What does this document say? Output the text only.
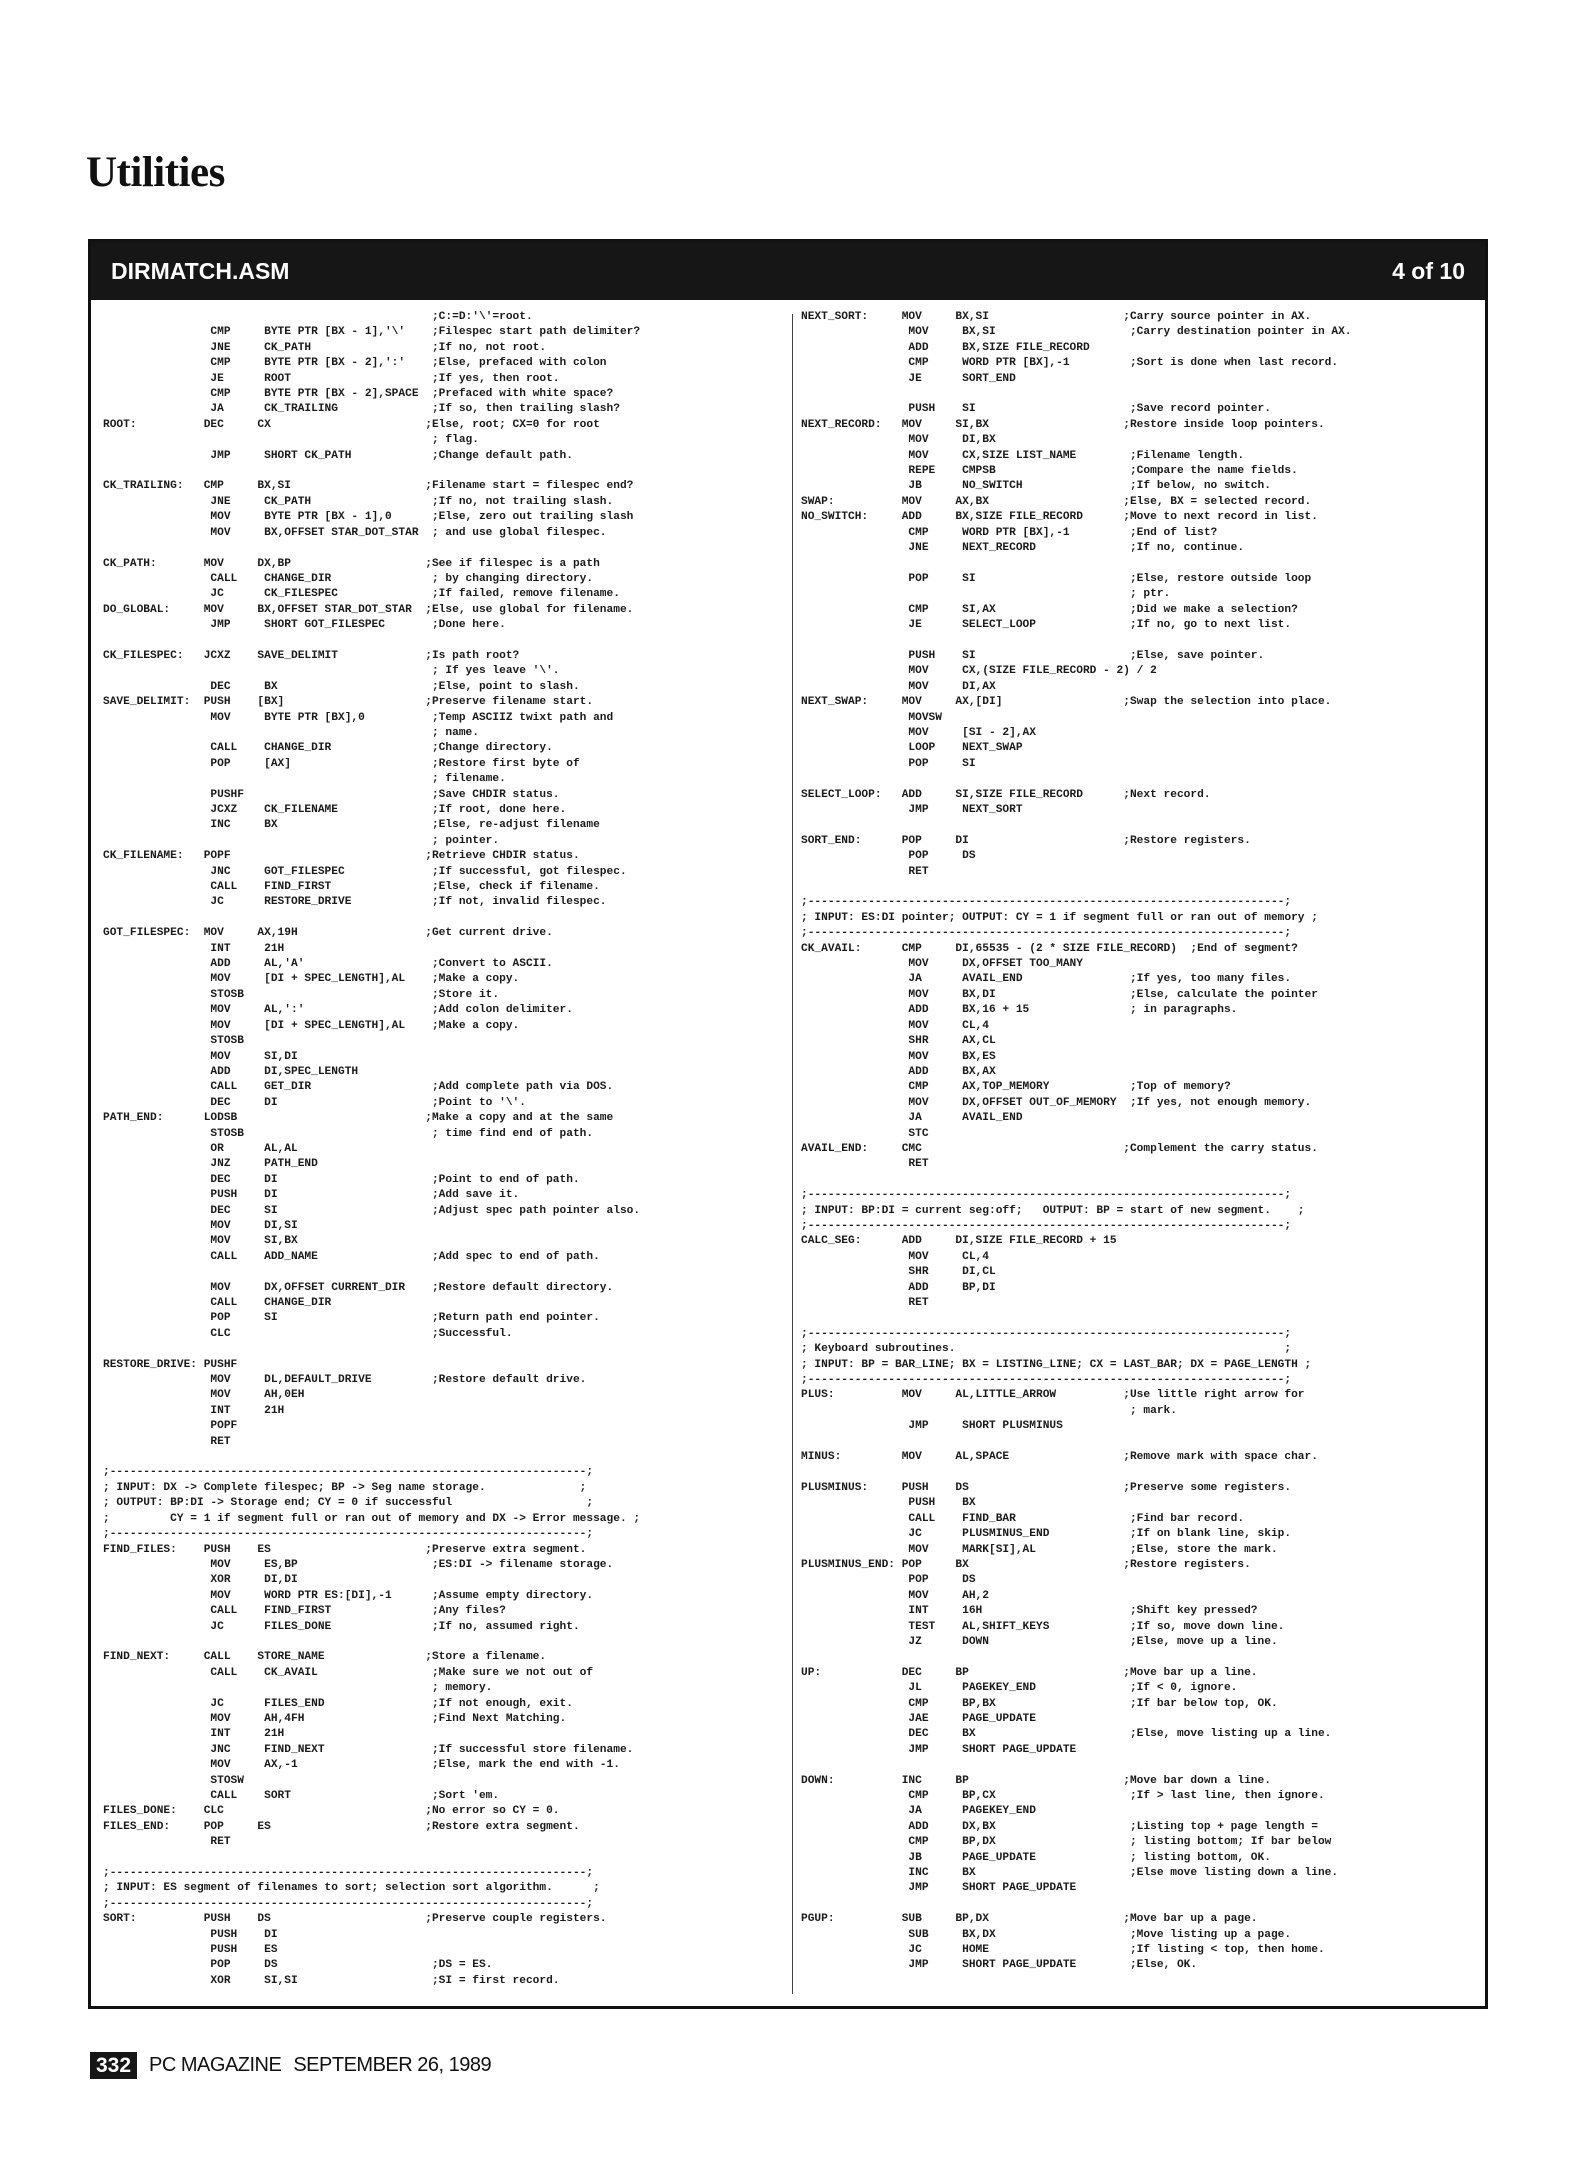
Utilities
DIRMATCH.ASM	4 of 10
;C:=D:'\'=root.
CMP     BYTE PTR [BX - 1],'\'    ;Filespec start path delimiter?
JNE     CK_PATH                  ;If no, not root.
CMP     BYTE PTR [BX - 2],':'    ;Else, prefaced with colon
JE      ROOT                     ;If yes, then root.
CMP     BYTE PTR [BX - 2],SPACE  ;Prefaced with white space?
JA      CK_TRAILING              ;If so, then trailing slash?
ROOT:          DEC     CX                       ;Else, root; CX=0 for root
; flag.
JMP     SHORT CK_PATH            ;Change default path.

CK_TRAILING:   CMP     BX,SI                    ;Filename start = filespec end?
JNE     CK_PATH                  ;If no, not trailing slash.
MOV     BYTE PTR [BX - 1],0      ;Else, zero out trailing slash
MOV     BX,OFFSET STAR_DOT_STAR  ; and use global filespec.

CK_PATH:       MOV     DX,BP                    ;See if filespec is a path
CALL    CHANGE_DIR               ; by changing directory.
JC      CK_FILESPEC              ;If failed, remove filename.
DO_GLOBAL:     MOV     BX,OFFSET STAR_DOT_STAR  ;Else, use global for filename.
JMP     SHORT GOT_FILESPEC       ;Done here.

CK_FILESPEC:   JCXZ    SAVE_DELIMIT             ;Is path root?
; If yes leave '\'.
DEC     BX                       ;Else, point to slash.
SAVE_DELIMIT:  PUSH    [BX]                     ;Preserve filename start.
MOV     BYTE PTR [BX],0          ;Temp ASCIIZ twixt path and
; name.
CALL    CHANGE_DIR               ;Change directory.
POP     [AX]                     ;Restore first byte of
; filename.
PUSHF                            ;Save CHDIR status.
JCXZ    CK_FILENAME              ;If root, done here.
INC     BX                       ;Else, re-adjust filename
; pointer.
CK_FILENAME:   POPF                             ;Retrieve CHDIR status.
JNC     GOT_FILESPEC             ;If successful, got filespec.
CALL    FIND_FIRST               ;Else, check if filename.
JC      RESTORE_DRIVE            ;If not, invalid filespec.

GOT_FILESPEC:  MOV     AX,19H                   ;Get current drive.
INT     21H
ADD     AL,'A'                   ;Convert to ASCII.
MOV     [DI + SPEC_LENGTH],AL    ;Make a copy.
STOSB                            ;Store it.
MOV     AL,':'                   ;Add colon delimiter.
MOV     [DI + SPEC_LENGTH],AL    ;Make a copy.
STOSB
MOV     SI,DI
ADD     DI,SPEC_LENGTH
CALL    GET_DIR                  ;Add complete path via DOS.
DEC     DI                       ;Point to '\'.
PATH_END:      LODSB                            ;Make a copy and at the same
STOSB                            ; time find end of path.
OR      AL,AL
JNZ     PATH_END
DEC     DI                       ;Point to end of path.
PUSH    DI                       ;Add save it.
DEC     SI                       ;Adjust spec path pointer also.
MOV     DI,SI
MOV     SI,BX
CALL    ADD_NAME                 ;Add spec to end of path.

MOV     DX,OFFSET CURRENT_DIR    ;Restore default directory.
CALL    CHANGE_DIR
POP     SI                       ;Return path end pointer.
CLC                              ;Successful.

RESTORE_DRIVE: PUSHF
MOV     DL,DEFAULT_DRIVE         ;Restore default drive.
MOV     AH,0EH
INT     21H
POPF
RET

;-----------------------------------------------------------------------;
; INPUT: DX -> Complete filespec; BP -> Seg name storage.              ;
; OUTPUT: BP:DI -> Storage end; CY = 0 if successful                    ;
;         CY = 1 if segment full or ran out of memory and DX -> Error message. ;
;-----------------------------------------------------------------------;
FIND_FILES:    PUSH    ES                       ;Preserve extra segment.
MOV     ES,BP                    ;ES:DI -> filename storage.
XOR     DI,DI
MOV     WORD PTR ES:[DI],-1      ;Assume empty directory.
CALL    FIND_FIRST               ;Any files?
JC      FILES_DONE               ;If no, assumed right.

FIND_NEXT:     CALL    STORE_NAME               ;Store a filename.
CALL    CK_AVAIL                 ;Make sure we not out of
; memory.
JC      FILES_END                ;If not enough, exit.
MOV     AH,4FH                   ;Find Next Matching.
INT     21H
JNC     FIND_NEXT                ;If successful store filename.
MOV     AX,-1                    ;Else, mark the end with -1.
STOSW
CALL    SORT                     ;Sort 'em.
FILES_DONE:    CLC                              ;No error so CY = 0.
FILES_END:     POP     ES                       ;Restore extra segment.
RET

;-----------------------------------------------------------------------;
; INPUT: ES segment of filenames to sort; selection sort algorithm.      ;
;-----------------------------------------------------------------------;
SORT:          PUSH    DS                       ;Preserve couple registers.
PUSH    DI
PUSH    ES
POP     DS                       ;DS = ES.
XOR     SI,SI                    ;SI = first record.

NEXT_SORT:     MOV     BX,SI                    ;Carry source pointer in AX.
MOV     BX,SI                    ;Carry destination pointer in AX.
ADD     BX,SIZE FILE_RECORD
CMP     WORD PTR [BX],-1         ;Sort is done when last record.
JE      SORT_END

PUSH    SI                       ;Save record pointer.
NEXT_RECORD:   MOV     SI,BX                    ;Restore inside loop pointers.
MOV     DI,BX
MOV     CX,SIZE LIST_NAME        ;Filename length.
REPE    CMPSB                    ;Compare the name fields.
JB      NO_SWITCH                ;If below, no switch.
SWAP:          MOV     AX,BX                    ;Else, BX = selected record.
NO_SWITCH:     ADD     BX,SIZE FILE_RECORD      ;Move to next record in list.
CMP     WORD PTR [BX],-1         ;End of list?
JNE     NEXT_RECORD              ;If no, continue.

POP     SI                       ;Else, restore outside loop
; ptr.
CMP     SI,AX                    ;Did we make a selection?
JE      SELECT_LOOP              ;If no, go to next list.

PUSH    SI                       ;Else, save pointer.
MOV     CX,(SIZE FILE_RECORD - 2) / 2
MOV     DI,AX
NEXT_SWAP:     MOV     AX,[DI]                  ;Swap the selection into place.
MOVSW
MOV     [SI - 2],AX
LOOP    NEXT_SWAP
POP     SI

SELECT_LOOP:   ADD     SI,SIZE FILE_RECORD      ;Next record.
JMP     NEXT_SORT

SORT_END:      POP     DI                       ;Restore registers.
POP     DS
RET

;-----------------------------------------------------------------------;
; INPUT: ES:DI pointer; OUTPUT: CY = 1 if segment full or ran out of memory ;
;-----------------------------------------------------------------------;
CK_AVAIL:      CMP     DI,65535 - (2 * SIZE FILE_RECORD)  ;End of segment?
MOV     DX,OFFSET TOO_MANY
JA      AVAIL_END                ;If yes, too many files.
MOV     BX,DI                    ;Else, calculate the pointer
ADD     BX,16 + 15               ; in paragraphs.
MOV     CL,4
SHR     AX,CL
MOV     BX,ES
ADD     BX,AX
CMP     AX,TOP_MEMORY            ;Top of memory?
MOV     DX,OFFSET OUT_OF_MEMORY  ;If yes, not enough memory.
JA      AVAIL_END
STC
AVAIL_END:     CMC                              ;Complement the carry status.
RET

;-----------------------------------------------------------------------;
; INPUT: BP:DI = current seg:off;   OUTPUT: BP = start of new segment.    ;
;-----------------------------------------------------------------------;
CALC_SEG:      ADD     DI,SIZE FILE_RECORD + 15
MOV     CL,4
SHR     DI,CL
ADD     BP,DI
RET

;-----------------------------------------------------------------------;
; Keyboard subroutines.                                                 ;
; INPUT: BP = BAR_LINE; BX = LISTING_LINE; CX = LAST_BAR; DX = PAGE_LENGTH ;
;-----------------------------------------------------------------------;
PLUS:          MOV     AL,LITTLE_ARROW          ;Use little right arrow for
; mark.
JMP     SHORT PLUSMINUS

MINUS:         MOV     AL,SPACE                 ;Remove mark with space char.

PLUSMINUS:     PUSH    DS                       ;Preserve some registers.
PUSH    BX
CALL    FIND_BAR                 ;Find bar record.
JC      PLUSMINUS_END            ;If on blank line, skip.
MOV     MARK[SI],AL              ;Else, store the mark.
PLUSMINUS_END: POP     BX                       ;Restore registers.
POP     DS
MOV     AH,2
INT     16H                      ;Shift key pressed?
TEST    AL,SHIFT_KEYS            ;If so, move down line.
JZ      DOWN                     ;Else, move up a line.

UP:            DEC     BP                       ;Move bar up a line.
JL      PAGEKEY_END              ;If < 0, ignore.
CMP     BP,BX                    ;If bar below top, OK.
JAE     PAGE_UPDATE
DEC     BX                       ;Else, move listing up a line.
JMP     SHORT PAGE_UPDATE

DOWN:          INC     BP                       ;Move bar down a line.
CMP     BP,CX                    ;If > last line, then ignore.
JA      PAGEKEY_END
ADD     DX,BX                    ;Listing top + page length =
CMP     BP,DX                    ; listing bottom; If bar below
JB      PAGE_UPDATE              ; listing bottom, OK.
INC     BX                       ;Else move listing down a line.
JMP     SHORT PAGE_UPDATE

PGUP:          SUB     BP,DX                    ;Move bar up a page.
SUB     BX,DX                    ;Move listing up a page.
JC      HOME                     ;If listing < top, then home.
JMP     SHORT PAGE_UPDATE        ;Else, OK.

332 PC MAGAZINE SEPTEMBER 26, 1989
